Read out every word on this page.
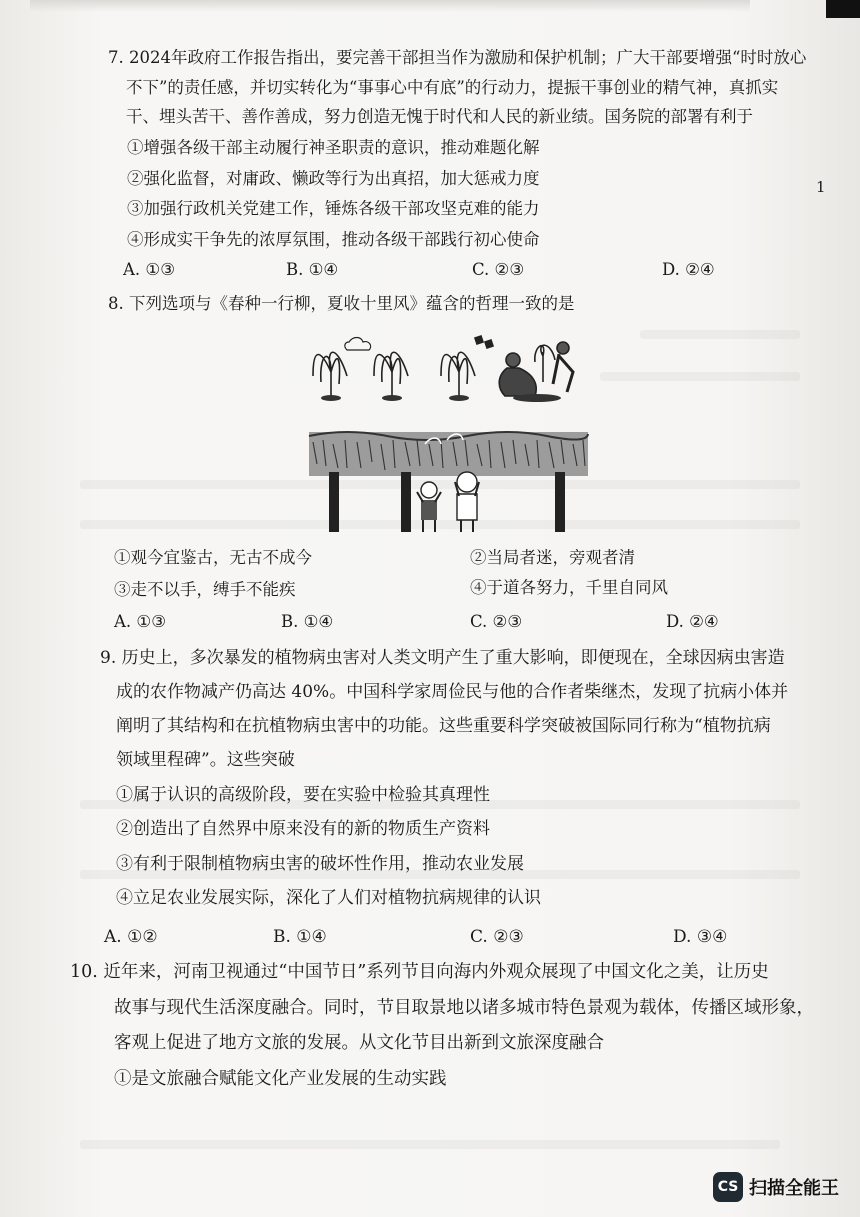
1
7. 2024年政府工作报告指出，要完善干部担当作为激励和保护机制；广大干部要增强“时时放心
不下”的责任感，并切实转化为“事事心中有底”的行动力，提振干事创业的精气神，真抓实
干、埋头苦干、善作善成，努力创造无愧于时代和人民的新业绩。国务院的部署有利于
①增强各级干部主动履行神圣职责的意识，推动难题化解
②强化监督，对庸政、懒政等行为出真招，加大惩戒力度
③加强行政机关党建工作，锤炼各级干部攻坚克难的能力
④形成实干争先的浓厚氛围，推动各级干部践行初心使命
A. ①③	B. ①④	C. ②③	D. ②④
8. 下列选项与《春种一行柳，夏收十里风》蕴含的哲理一致的是
①观今宜鉴古，无古不成今	②当局者迷，旁观者清
③走不以手，缚手不能疾	④于道各努力，千里自同风
A. ①③	B. ①④	C. ②③	D. ②④
9. 历史上，多次暴发的植物病虫害对人类文明产生了重大影响，即便现在，全球因病虫害造
成的农作物减产仍高达 40%。中国科学家周俭民与他的合作者柴继杰，发现了抗病小体并
阐明了其结构和在抗植物病虫害中的功能。这些重要科学突破被国际同行称为“植物抗病
领域里程碑”。这些突破
①属于认识的高级阶段，要在实验中检验其真理性
②创造出了自然界中原来没有的新的物质生产资料
③有利于限制植物病虫害的破坏性作用，推动农业发展
④立足农业发展实际，深化了人们对植物抗病规律的认识
A. ①②	B. ①④	C. ②③	D. ③④
10. 近年来，河南卫视通过“中国节日”系列节目向海内外观众展现了中国文化之美，让历史
故事与现代生活深度融合。同时，节目取景地以诸多城市特色景观为载体，传播区域形象，
客观上促进了地方文旅的发展。从文化节目出新到文旅深度融合
①是文旅融合赋能文化产业发展的生动实践
CS 扫描全能王
